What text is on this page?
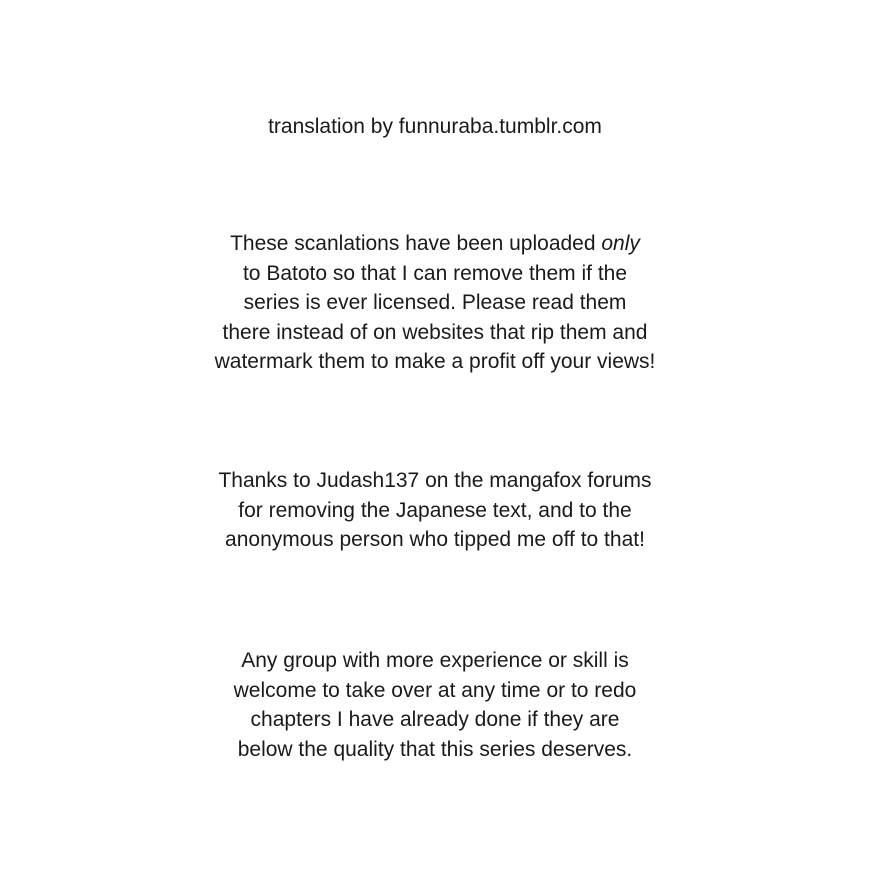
translation by funnuraba.tumblr.com
These scanlations have been uploaded only
to Batoto so that I can remove them if the
series is ever licensed. Please read them
there instead of on websites that rip them and
watermark them to make a profit off your views!
Thanks to Judash137 on the mangafox forums
for removing the Japanese text, and to the
anonymous person who tipped me off to that!
Any group with more experience or skill is
welcome to take over at any time or to redo
chapters I have already done if they are
below the quality that this series deserves.
